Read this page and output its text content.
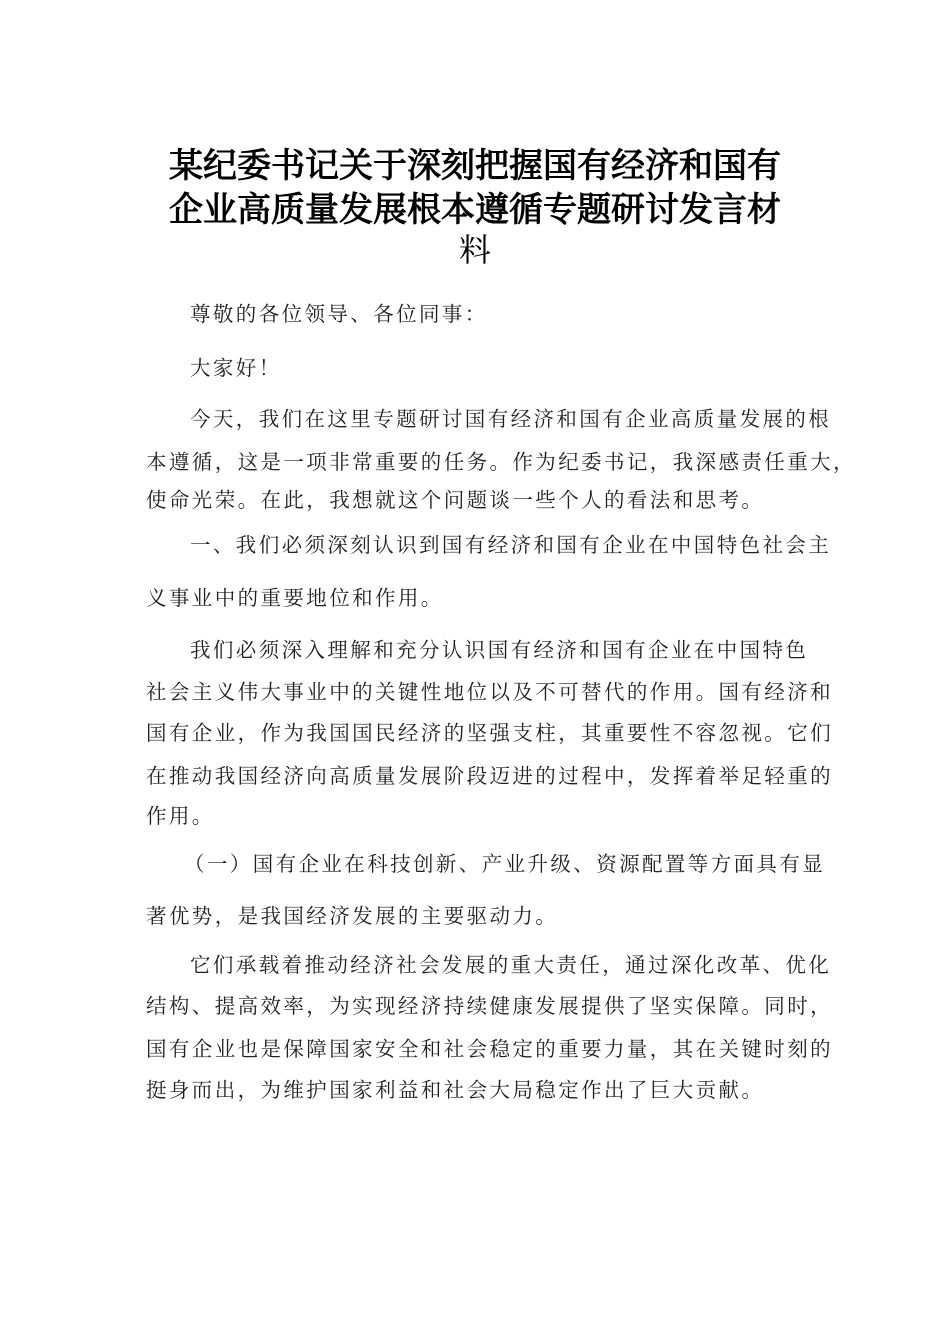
某纪委书记关于深刻把握国有经济和国有
企业高质量发展根本遵循专题研讨发言材
料
尊敬的各位领导、各位同事：
大家好！
今天，我们在这里专题研讨国有经济和国有企业高质量发展的根
本遵循，这是一项非常重要的任务。作为纪委书记，我深感责任重大，
使命光荣。在此，我想就这个问题谈一些个人的看法和思考。
一、我们必须深刻认识到国有经济和国有企业在中国特色社会主
义事业中的重要地位和作用。
我们必须深入理解和充分认识国有经济和国有企业在中国特色
社会主义伟大事业中的关键性地位以及不可替代的作用。国有经济和
国有企业，作为我国国民经济的坚强支柱，其重要性不容忽视。它们
在推动我国经济向高质量发展阶段迈进的过程中，发挥着举足轻重的
作用。
（一）国有企业在科技创新、产业升级、资源配置等方面具有显
著优势，是我国经济发展的主要驱动力。
它们承载着推动经济社会发展的重大责任，通过深化改革、优化
结构、提高效率，为实现经济持续健康发展提供了坚实保障。同时，
国有企业也是保障国家安全和社会稳定的重要力量，其在关键时刻的
挺身而出，为维护国家利益和社会大局稳定作出了巨大贡献。
